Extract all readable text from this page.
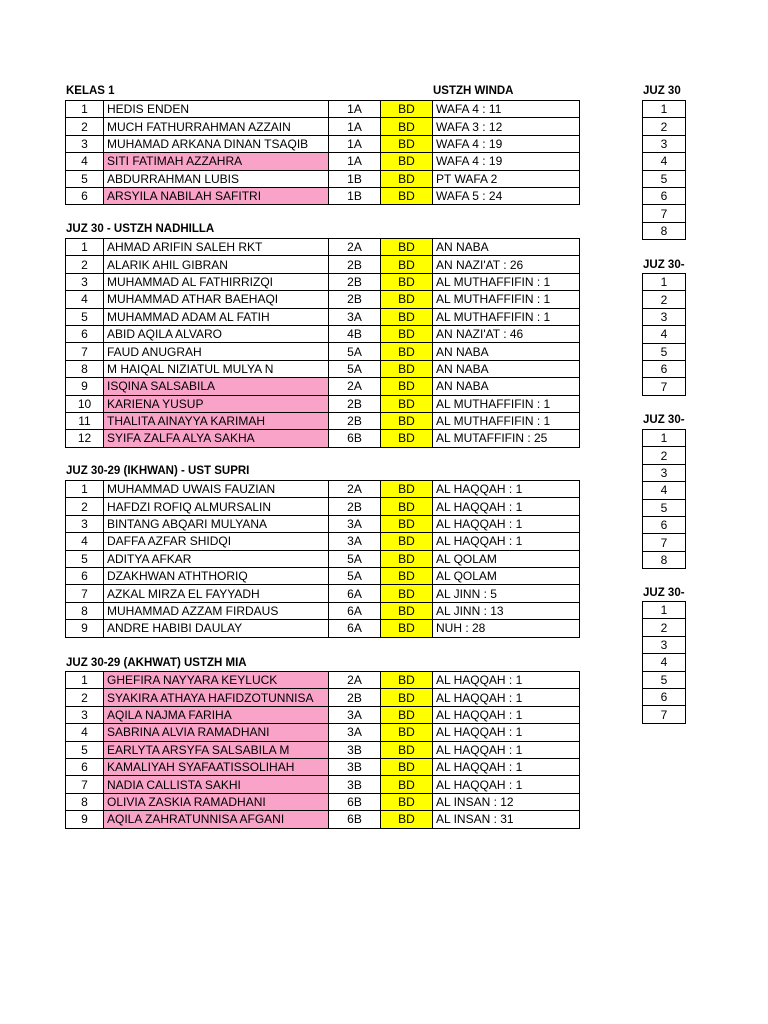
KELAS 1	USTZH WINDA
JUZ 30 - USTZH NADHILLA
JUZ 30-29 (IKHWAN) - UST SUPRI
JUZ 30-29 (AKHWAT) USTZH MIA
1	HEDIS ENDEN	1A	BD	WAFA 4 : 11
2	MUCH FATHURRAHMAN AZZAIN	1A	BD	WAFA 3 : 12
3	MUHAMAD ARKANA DINAN TSAQIB	1A	BD	WAFA 4 : 19
4	SITI FATIMAH AZZAHRA	1A	BD	WAFA 4 : 19
5	ABDURRAHMAN LUBIS	1B	BD	PT WAFA 2
6	ARSYILA NABILAH SAFITRI	1B	BD	WAFA 5 : 24
1	AHMAD ARIFIN SALEH RKT	2A	BD	AN NABA
2	ALARIK AHIL GIBRAN	2B	BD	AN NAZI'AT : 26
3	MUHAMMAD AL FATHIRRIZQI	2B	BD	AL MUTHAFFIFIN : 1
4	MUHAMMAD ATHAR BAEHAQI	2B	BD	AL MUTHAFFIFIN : 1
5	MUHAMMAD ADAM AL FATIH	3A	BD	AL MUTHAFFIFIN : 1
6	ABID AQILA ALVARO	4B	BD	AN NAZI'AT : 46
7	FAUD ANUGRAH	5A	BD	AN NABA
8	M HAIQAL NIZIATUL MULYA N	5A	BD	AN NABA
9	ISQINA SALSABILA	2A	BD	AN NABA
10	KARIENA YUSUP	2B	BD	AL MUTHAFFIFIN : 1
11	THALITA AINAYYA KARIMAH	2B	BD	AL MUTHAFFIFIN : 1
12	SYIFA ZALFA ALYA SAKHA	6B	BD	AL MUTAFFIFIN : 25
1	MUHAMMAD UWAIS FAUZIAN	2A	BD	AL HAQQAH : 1
2	HAFDZI ROFIQ ALMURSALIN	2B	BD	AL HAQQAH : 1
3	BINTANG ABQARI MULYANA	3A	BD	AL HAQQAH : 1
4	DAFFA AZFAR SHIDQI	3A	BD	AL HAQQAH : 1
5	ADITYA AFKAR	5A	BD	AL QOLAM
6	DZAKHWAN ATHTHORIQ	5A	BD	AL QOLAM
7	AZKAL MIRZA EL FAYYADH	6A	BD	AL JINN : 5
8	MUHAMMAD AZZAM FIRDAUS	6A	BD	AL JINN : 13
9	ANDRE HABIBI DAULAY	6A	BD	NUH : 28
1	GHEFIRA NAYYARA KEYLUCK	2A	BD	AL HAQQAH : 1
2	SYAKIRA ATHAYA HAFIDZOTUNNISA	2B	BD	AL HAQQAH : 1
3	AQILA NAJMA FARIHA	3A	BD	AL HAQQAH : 1
4	SABRINA ALVIA RAMADHANI	3A	BD	AL HAQQAH : 1
5	EARLYTA ARSYFA SALSABILA M	3B	BD	AL HAQQAH : 1
6	KAMALIYAH SYAFAATISSOLIHAH	3B	BD	AL HAQQAH : 1
7	NADIA CALLISTA SAKHI	3B	BD	AL HAQQAH : 1
8	OLIVIA ZASKIA RAMADHANI	6B	BD	AL INSAN : 12
9	AQILA ZAHRATUNNISA AFGANI	6B	BD	AL INSAN : 31
JUZ 30
JUZ 30-
JUZ 30-
JUZ 30-
1
2
3
4
5
6
7
8
1
2
3
4
5
6
7
1
2
3
4
5
6
7
8
1
2
3
4
5
6
7
